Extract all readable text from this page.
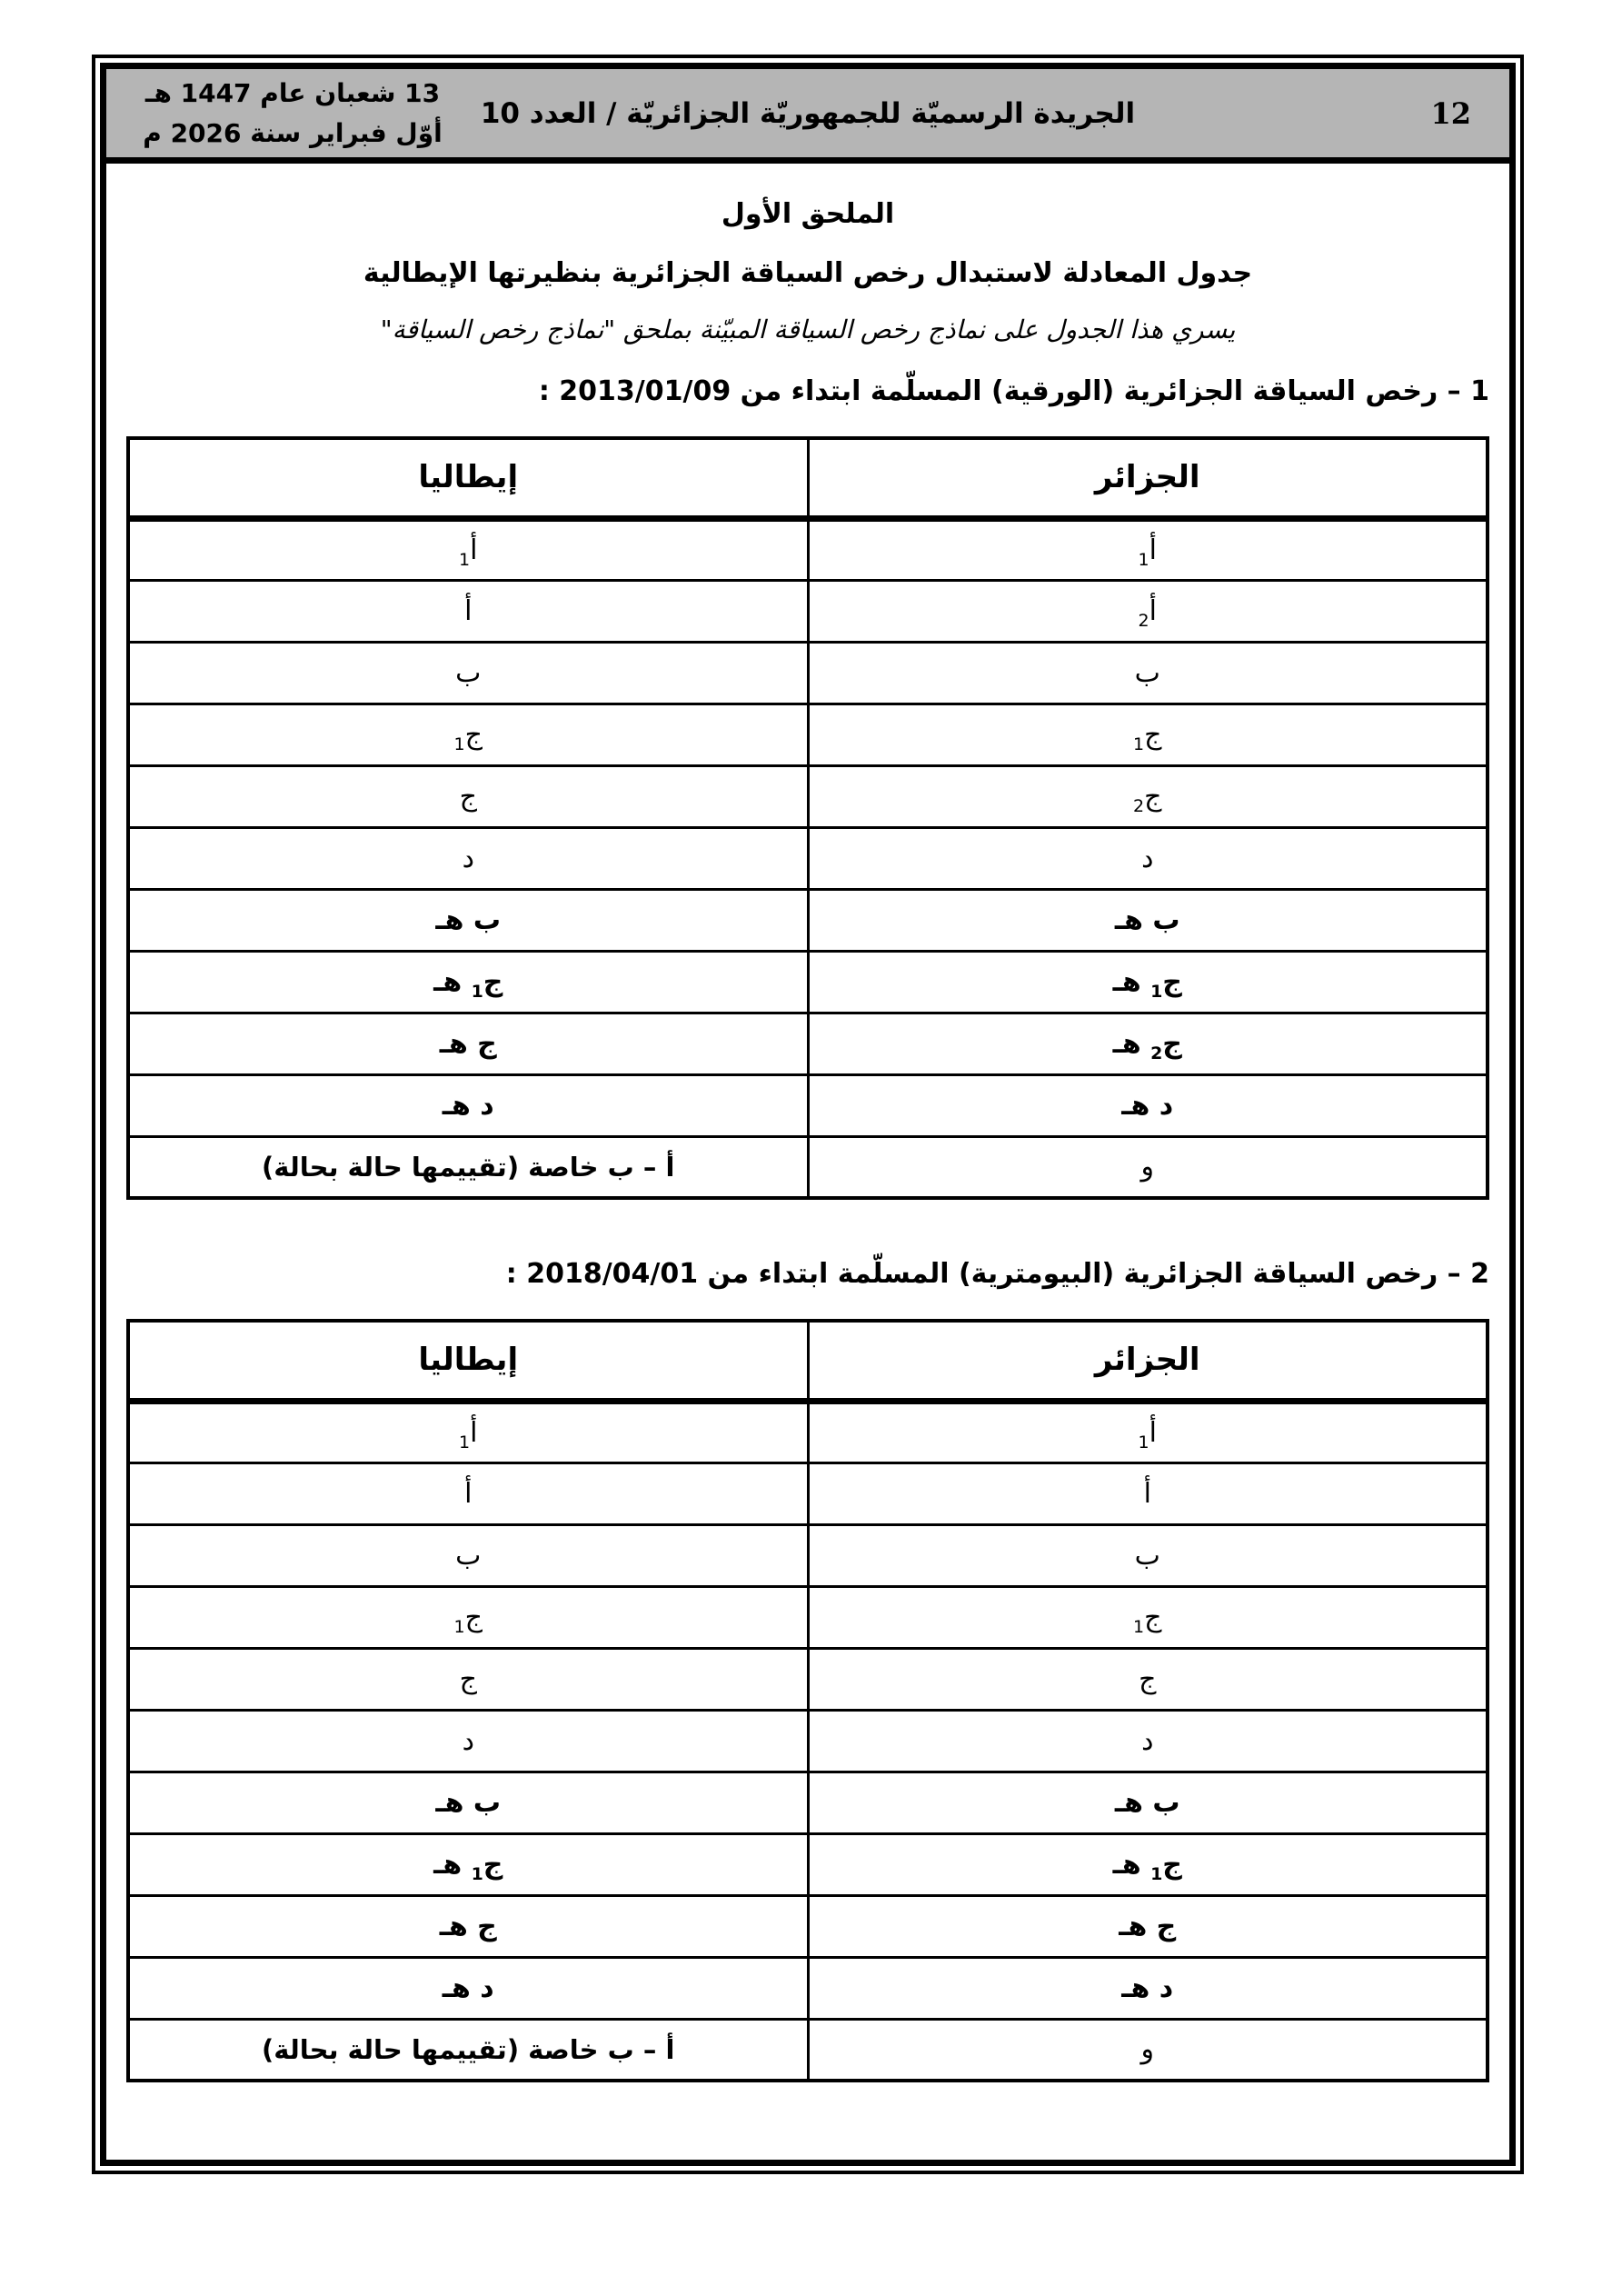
13 شعبان عام 1447 هـ
أوّل فبراير سنة 2026 م
الجريدة الرسميّة للجمهوريّة الجزائريّة / العدد 10	12
الملحق الأول
جدول المعادلة لاستبدال رخص السياقة الجزائرية بنظيرتها الإيطالية

يسري هذا الجدول على نماذج رخص السياقة المبيّنة بملحق "نماذج رخص السياقة"

1 – رخص السياقة الجزائرية (الورقية) المسلّمة ابتداء من 2013/01/09 :
الجزائر	إيطاليا
أ$_1$	أ$_1$
أ$_2$	أ
ب	ب
ج$_1$	ج$_1$
ج$_2$	ج
د	د
ب هـ	ب هـ
ج$_1$ هـ	ج$_1$ هـ
ج$_2$ هـ	ج هـ
د هـ	د هـ
و	أ – ب خاصة (تقييمها حالة بحالة)
2 – رخص السياقة الجزائرية (البيومترية) المسلّمة ابتداء من 2018/04/01 :
الجزائر	إيطاليا
أ$_1$	أ$_1$
أ	أ
ب	ب
ج$_1$	ج$_1$
ج	ج
د	د
ب هـ	ب هـ
ج$_1$ هـ	ج$_1$ هـ
ج هـ	ج هـ
د هـ	د هـ
و	أ – ب خاصة (تقييمها حالة بحالة)
